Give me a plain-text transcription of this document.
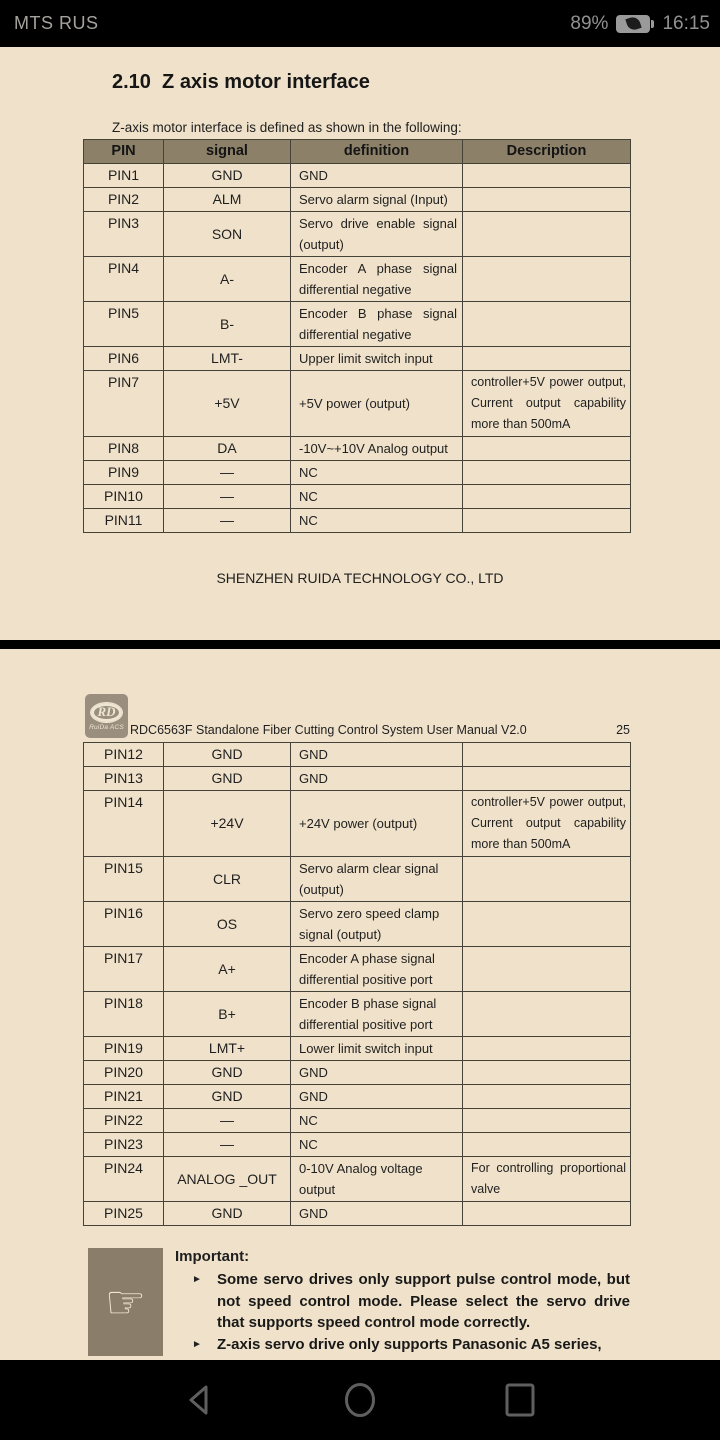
MTS RUS	89%	16:15
2.10  Z axis motor interface
Z-axis motor interface is defined as shown in the following:
PIN	signal	definition	Description
PIN1	GND	GND	
PIN2	ALM	Servo alarm signal (Input)	
PIN3	SON	Servo drive enable signal (output)	
PIN4	A-	Encoder A phase signal differential negative	
PIN5	B-	Encoder B phase signal differential negative	
PIN6	LMT-	Upper limit switch input	
PIN7	+5V	+5V power (output)	controller+5V power output, Current output capability more than 500mA
PIN8	DA	-10V~+10V Analog output	
PIN9	—	NC	
PIN10	—	NC	
PIN11	—	NC	
SHENZHEN RUIDA TECHNOLOGY CO., LTD
RD
RuiDa ACS RDC6563F Standalone Fiber Cutting Control System User Manual V2.0	25
PIN12	GND	GND	
PIN13	GND	GND	
PIN14	+24V	+24V power (output)	controller+5V power output, Current output capability more than 500mA
PIN15	CLR	Servo alarm clear signal (output)	
PIN16	OS	Servo zero speed clamp signal (output)	
PIN17	A+	Encoder A phase signal differential positive port	
PIN18	B+	Encoder B phase signal differential positive port	
PIN19	LMT+	Lower limit switch input	
PIN20	GND	GND	
PIN21	GND	GND	
PIN22	—	NC	
PIN23	—	NC	
PIN24	ANALOG _OUT	0-10V Analog voltage output	For controlling proportional valve
PIN25	GND	GND	
☞
Important:
► Some servo drives only support pulse control mode, but not speed control mode. Please select the servo drive that supports speed control mode correctly.
► Z-axis servo drive only supports Panasonic A5 series,
